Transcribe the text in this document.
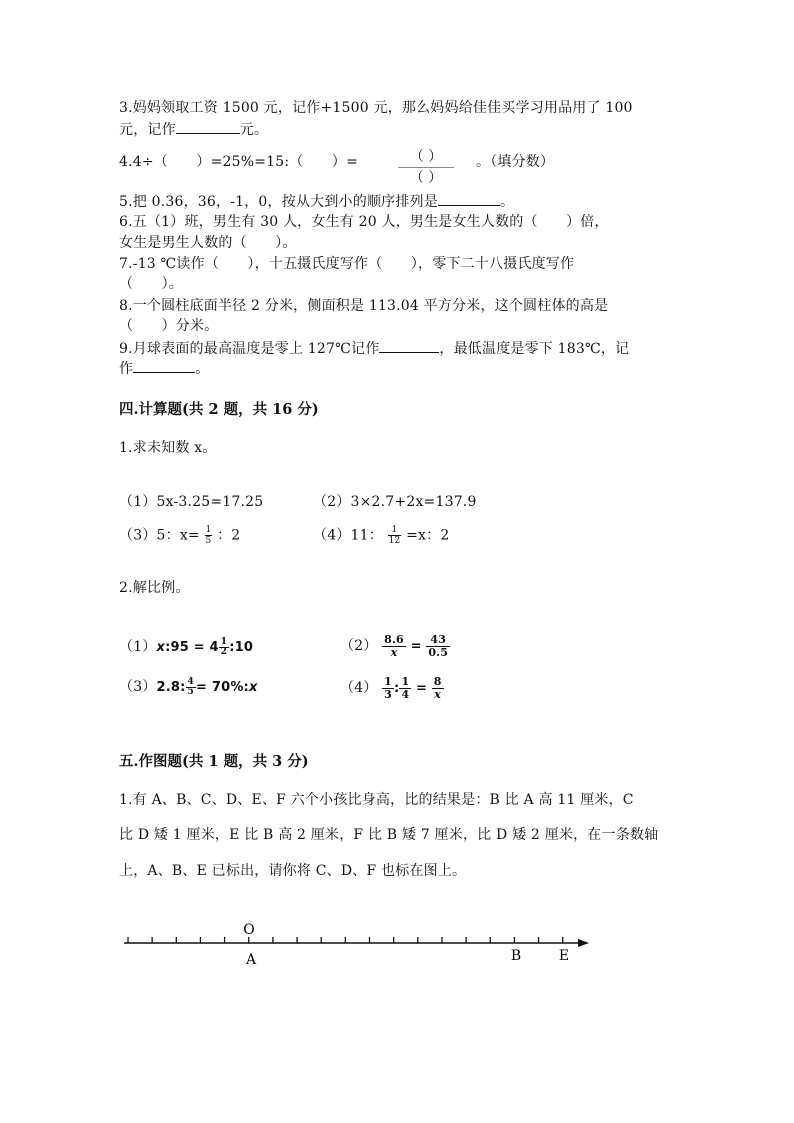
3.妈妈领取工资 1500 元，记作+1500 元，那么妈妈给佳佳买学习用品用了 100
元，记作	元。
4.4÷（　　）=25%=15:（　　）=	（ ）
（ ）
。（填分数）
5.把 0.36，36，-1，0，按从大到小的顺序排列是	。
6.五（1）班，男生有 30 人，女生有 20 人，男生是女生人数的（　　）倍，
女生是男生人数的（　　）。
7.-13 ℃读作（　　），十五摄氏度写作（　　），零下二十八摄氏度写作
（　　）。
8.一个圆柱底面半径 2 分米，侧面积是 113.04 平方分米，这个圆柱体的高是
（　　）分米。
9.月球表面的最高温度是零上 127℃记作	，最低温度是零下 183℃，记
作	。
四.计算题(共 2 题，共 16 分)
1.求未知数 x。
（1）5x-3.25=17.25	（2）3×2.7+2x=137.9
（3）5：$x= \frac{1}{5}$ ：2	（4）11： $\frac{1}{12} =x$：2
2.解比例。
（1）x:95 = $4 \frac{1}{2}$ :10	$(2) \frac{8.6}{x} = \frac{43}{0.5}$
（3）2.8: $\frac{4}{5}$ = 70%:x	$(4) \frac{1}{3}$ : $\frac{1}{4} = \frac{8}{x}$
五.作图题(共 1 题，共 3 分)
1.有 A、B、C、D、E、F 六个小孩比身高，比的结果是：B 比 A 高 11 厘米，C
比 D 矮 1 厘米，E 比 B 高 2 厘米，F 比 B 矮 7 厘米，比 D 矮 2 厘米，在一条数轴
上，A、B、E 已标出，请你将 C、D、F 也标在图上。
O
A	B	E
